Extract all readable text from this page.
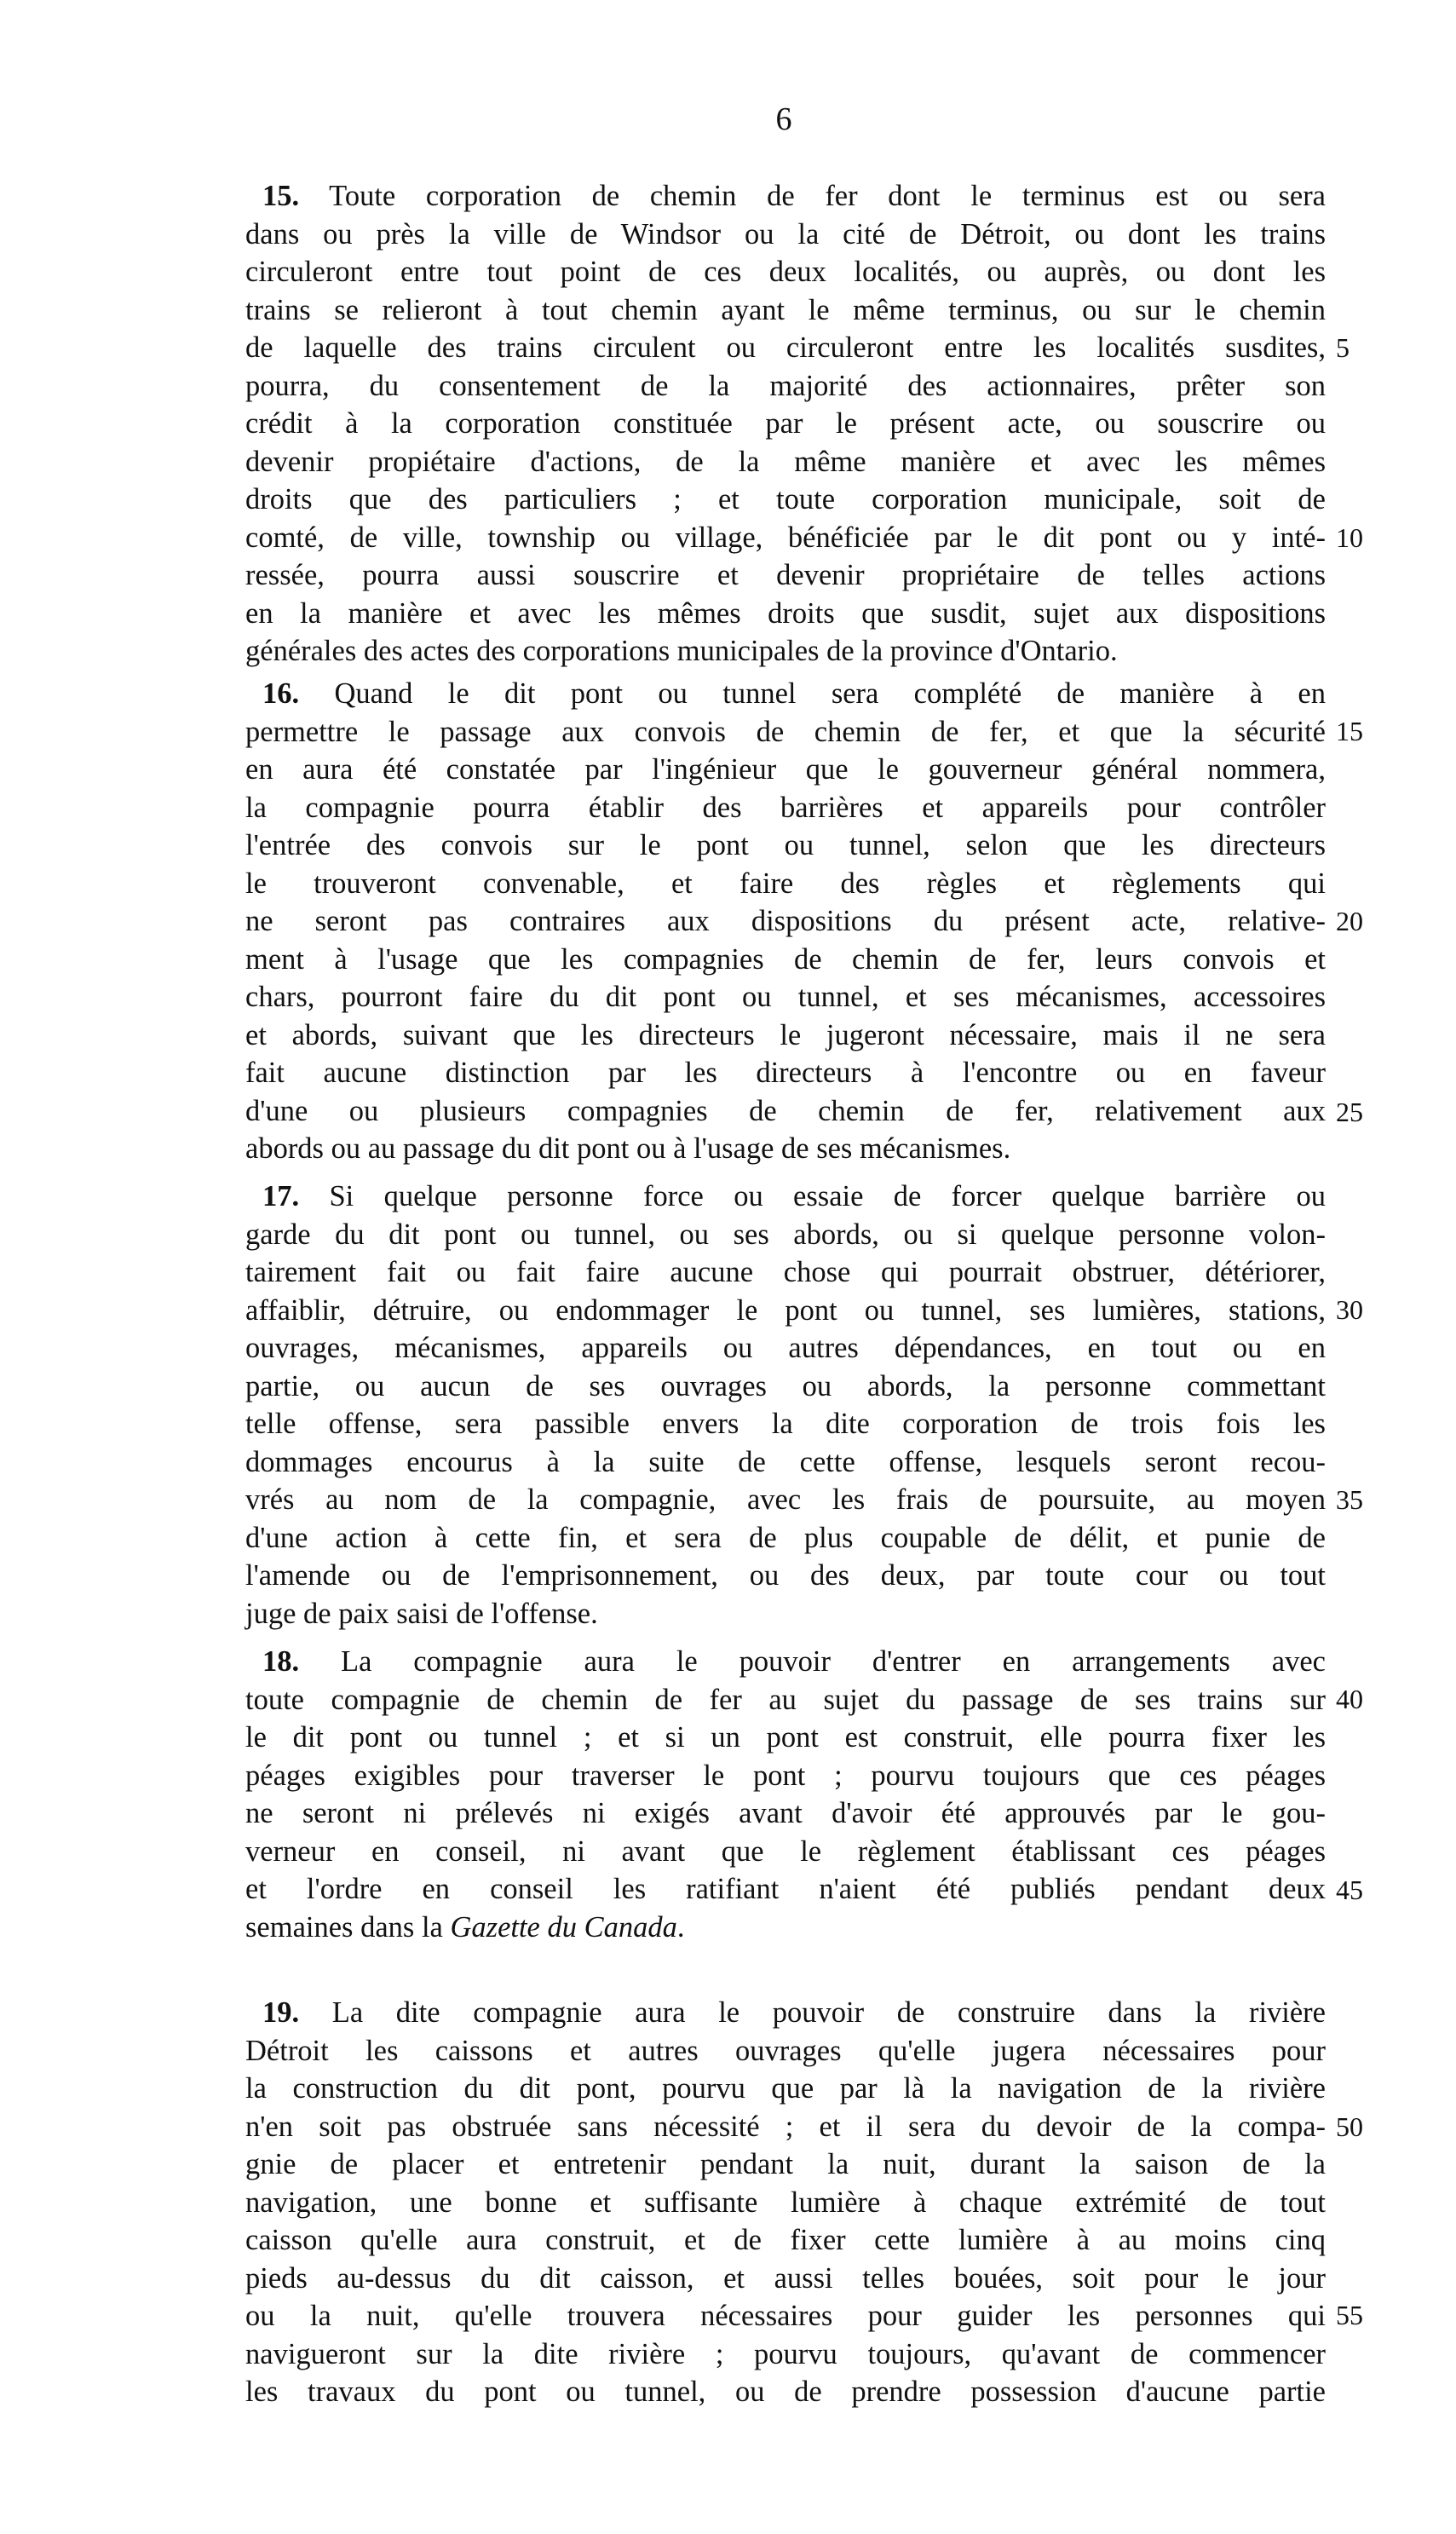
6
15. Toute corporation de chemin de fer dont le terminus est ou sera
dans ou près la ville de Windsor ou la cité de Détroit, ou dont les trains
circuleront entre tout point de ces deux localités, ou auprès, ou dont les
trains se relieront à tout chemin ayant le même terminus, ou sur le chemin
de laquelle des trains circulent ou circuleront entre les localités susdites,
pourra, du consentement de la majorité des actionnaires, prêter son
crédit à la corporation constituée par le présent acte, ou souscrire ou
devenir propiétaire d'actions, de la même manière et avec les mêmes
droits que des particuliers ; et toute corporation municipale, soit de
comté, de ville, township ou village, bénéficiée par le dit pont ou y inté-
ressée, pourra aussi souscrire et devenir propriétaire de telles actions
en la manière et avec les mêmes droits que susdit, sujet aux dispositions
générales des actes des corporations municipales de la province d'Ontario.
16. Quand le dit pont ou tunnel sera complété de manière à en
permettre le passage aux convois de chemin de fer, et que la sécurité
en aura été constatée par l'ingénieur que le gouverneur général nommera,
la compagnie pourra établir des barrières et appareils pour contrôler
l'entrée des convois sur le pont ou tunnel, selon que les directeurs
le trouveront convenable, et faire des règles et règlements qui
ne seront pas contraires aux dispositions du présent acte, relative-
ment à l'usage que les compagnies de chemin de fer, leurs convois et
chars, pourront faire du dit pont ou tunnel, et ses mécanismes, accessoires
et abords, suivant que les directeurs le jugeront nécessaire, mais il ne sera
fait aucune distinction par les directeurs à l'encontre ou en faveur
d'une ou plusieurs compagnies de chemin de fer, relativement aux
abords ou au passage du dit pont ou à l'usage de ses mécanismes.
17. Si quelque personne force ou essaie de forcer quelque barrière ou
garde du dit pont ou tunnel, ou ses abords, ou si quelque personne volon-
tairement fait ou fait faire aucune chose qui pourrait obstruer, détériorer,
affaiblir, détruire, ou endommager le pont ou tunnel, ses lumières, stations,
ouvrages, mécanismes, appareils ou autres dépendances, en tout ou en
partie, ou aucun de ses ouvrages ou abords, la personne commettant
telle offense, sera passible envers la dite corporation de trois fois les
dommages encourus à la suite de cette offense, lesquels seront recou-
vrés au nom de la compagnie, avec les frais de poursuite, au moyen
d'une action à cette fin, et sera de plus coupable de délit, et punie de
l'amende ou de l'emprisonnement, ou des deux, par toute cour ou tout
juge de paix saisi de l'offense.
18. La compagnie aura le pouvoir d'entrer en arrangements avec
toute compagnie de chemin de fer au sujet du passage de ses trains sur
le dit pont ou tunnel ; et si un pont est construit, elle pourra fixer les
péages exigibles pour traverser le pont ; pourvu toujours que ces péages
ne seront ni prélevés ni exigés avant d'avoir été approuvés par le gou-
verneur en conseil, ni avant que le règlement établissant ces péages
et l'ordre en conseil les ratifiant n'aient été publiés pendant deux
semaines dans la Gazette du Canada.
19. La dite compagnie aura le pouvoir de construire dans la rivière
Détroit les caissons et autres ouvrages qu'elle jugera nécessaires pour
la construction du dit pont, pourvu que par là la navigation de la rivière
n'en soit pas obstruée sans nécessité ; et il sera du devoir de la compa-
gnie de placer et entretenir pendant la nuit, durant la saison de la
navigation, une bonne et suffisante lumière à chaque extrémité de tout
caisson qu'elle aura construit, et de fixer cette lumière à au moins cinq
pieds au-dessus du dit caisson, et aussi telles bouées, soit pour le jour
ou la nuit, qu'elle trouvera nécessaires pour guider les personnes qui
navigueront sur la dite rivière ; pourvu toujours, qu'avant de commencer
les travaux du pont ou tunnel, ou de prendre possession d'aucune partie
5
10
15
20
25
30
35
40
45
50
55
